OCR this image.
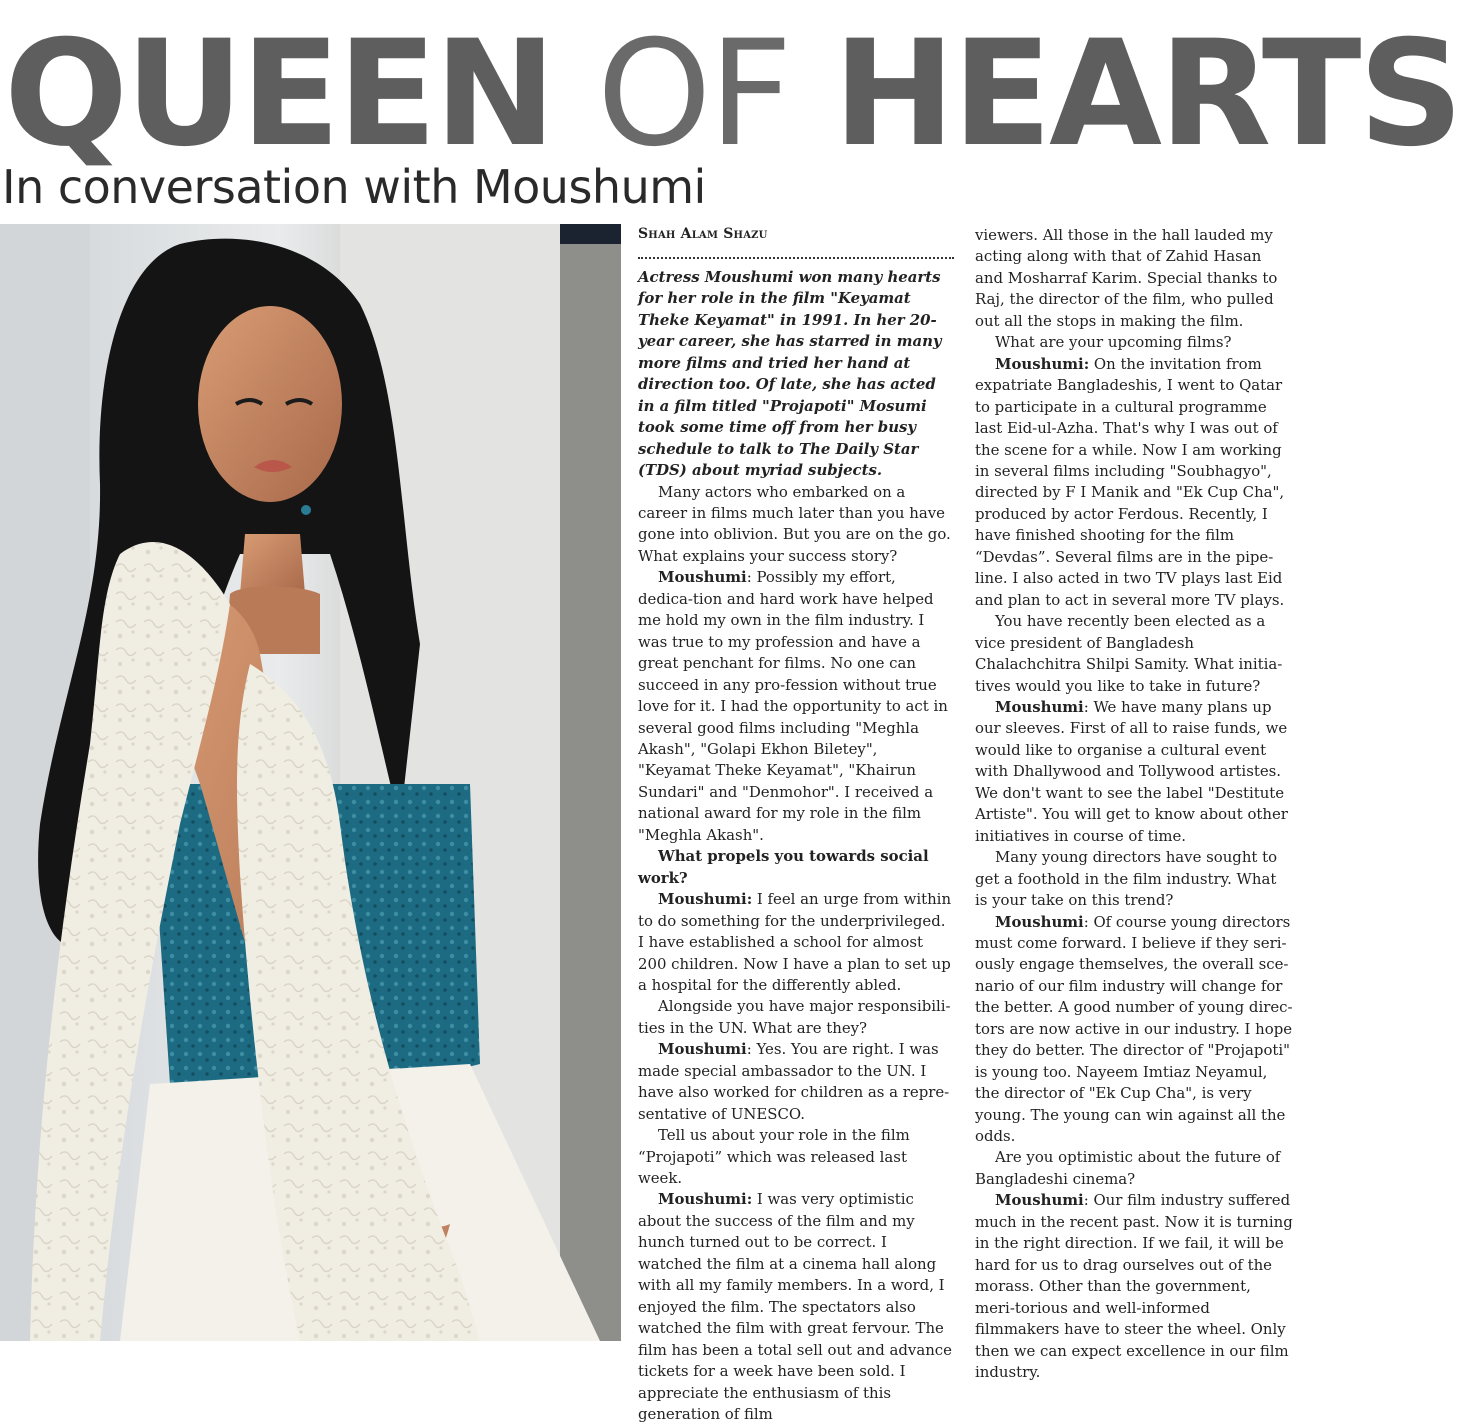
QUEEN OF HEARTS
In conversation with Moushumi
Shah Alam Shazu

Actress Moushumi won many hearts for her role in the film "Keyamat Theke Keyamat" in 1991. In her 20- year career, she has starred in many more films and tried her hand at direction too. Of late, she has acted in a film titled "Projapoti" Mosumi took some time off from her busy schedule to talk to The Daily Star (TDS) about myriad subjects.

Many actors who embarked on a career in films much later than you have gone into oblivion. But you are on the go. What explains your success story?

Moushumi: Possibly my effort, dedica-tion and hard work have helped me hold my own in the film industry. I was true to my profession and have a great penchant for films. No one can succeed in any pro-fession without true love for it. I had the opportunity to act in several good films including "Meghla Akash", "Golapi Ekhon Biletey", "Keyamat Theke Keyamat", "Khairun Sundari" and "Denmohor". I received a national award for my role in the film "Meghla Akash".

What propels you towards social work?

Moushumi: I feel an urge from within to do something for the underprivileged. I have established a school for almost 200 children. Now I have a plan to set up a hospital for the differently abled.

Alongside you have major responsibili-ties in the UN. What are they?

Moushumi: Yes. You are right. I was made special ambassador to the UN. I have also worked for children as a repre-sentative of UNESCO.

Tell us about your role in the film “Projapoti” which was released last week.

Moushumi: I was very optimistic about the success of the film and my hunch turned out to be correct. I watched the film at a cinema hall along with all my family members. In a word, I enjoyed the film. The spectators also watched the film with great fervour. The film has been a total sell out and advance tickets for a week have been sold. I appreciate the enthusiasm of this generation of film

viewers. All those in the hall lauded my acting along with that of Zahid Hasan and Mosharraf Karim. Special thanks to Raj, the director of the film, who pulled out all the stops in making the film.

What are your upcoming films?

Moushumi: On the invitation from expatriate Bangladeshis, I went to Qatar to participate in a cultural programme last Eid-ul-Azha. That's why I was out of the scene for a while. Now I am working in several films including "Soubhagyo", directed by F I Manik and "Ek Cup Cha", produced by actor Ferdous. Recently, I have finished shooting for the film “Devdas”. Several films are in the pipe-line. I also acted in two TV plays last Eid and plan to act in several more TV plays.

You have recently been elected as a vice president of Bangladesh Chalachchitra Shilpi Samity. What initia-tives would you like to take in future?

Moushumi: We have many plans up our sleeves. First of all to raise funds, we would like to organise a cultural event with Dhallywood and Tollywood artistes. We don't want to see the label "Destitute Artiste". You will get to know about other initiatives in course of time.

Many young directors have sought to get a foothold in the film industry. What is your take on this trend?

Moushumi: Of course young directors must come forward. I believe if they seri-ously engage themselves, the overall sce-nario of our film industry will change for the better. A good number of young direc-tors are now active in our industry. I hope they do better. The director of "Projapoti" is young too. Nayeem Imtiaz Neyamul, the director of "Ek Cup Cha", is very young. The young can win against all the odds.

Are you optimistic about the future of Bangladeshi cinema?

Moushumi: Our film industry suffered much in the recent past. Now it is turning in the right direction. If we fail, it will be hard for us to drag ourselves out of the morass. Other than the government, meri-torious and well-informed filmmakers have to steer the wheel. Only then we can expect excellence in our film industry.
